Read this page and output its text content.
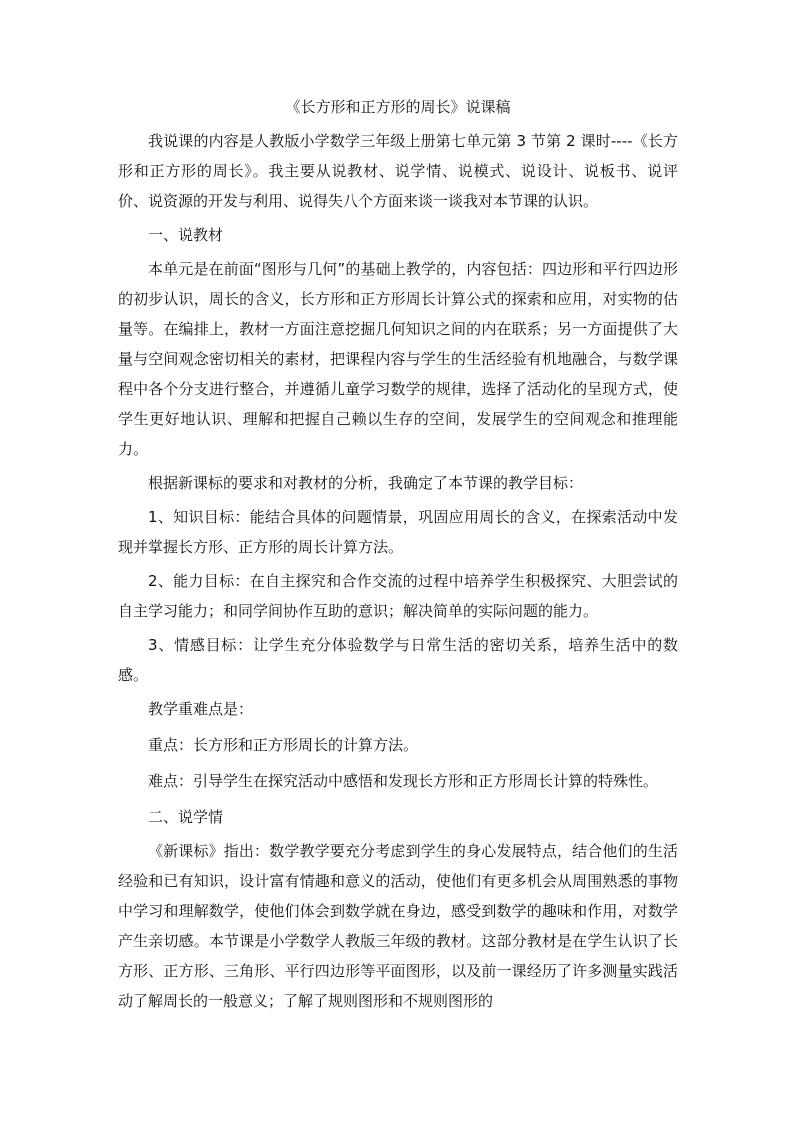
《长方形和正方形的周长》说课稿

我说课的内容是人教版小学数学三年级上册第七单元第 3 节第 2 课时----《长方形和正方形的周长》。我主要从说教材、说学情、说模式、说设计、说板书、说评价、说资源的开发与利用、说得失八个方面来谈一谈我对本节课的认识。

一、说教材

本单元是在前面“图形与几何”的基础上教学的，内容包括：四边形和平行四边形的初步认识，周长的含义，长方形和正方形周长计算公式的探索和应用，对实物的估量等。在编排上，教材一方面注意挖掘几何知识之间的内在联系；另一方面提供了大量与空间观念密切相关的素材，把课程内容与学生的生活经验有机地融合，与数学课程中各个分支进行整合，并遵循儿童学习数学的规律，选择了活动化的呈现方式，使学生更好地认识、理解和把握自己赖以生存的空间，发展学生的空间观念和推理能力。

根据新课标的要求和对教材的分析，我确定了本节课的教学目标：

1、知识目标：能结合具体的问题情景，巩固应用周长的含义，在探索活动中发现并掌握长方形、正方形的周长计算方法。

2、能力目标：在自主探究和合作交流的过程中培养学生积极探究、大胆尝试的自主学习能力；和同学间协作互助的意识；解决简单的实际问题的能力。

3、情感目标：让学生充分体验数学与日常生活的密切关系，培养生活中的数感。

教学重难点是：

重点：长方形和正方形周长的计算方法。

难点：引导学生在探究活动中感悟和发现长方形和正方形周长计算的特殊性。

二、说学情

《新课标》指出：数学教学要充分考虑到学生的身心发展特点，结合他们的生活经验和已有知识，设计富有情趣和意义的活动，使他们有更多机会从周围熟悉的事物中学习和理解数学，使他们体会到数学就在身边，感受到数学的趣味和作用，对数学产生亲切感。本节课是小学数学人教版三年级的教材。这部分教材是在学生认识了长方形、正方形、三角形、平行四边形等平面图形，以及前一课经历了许多测量实践活动了解周长的一般意义；了解了规则图形和不规则图形的
